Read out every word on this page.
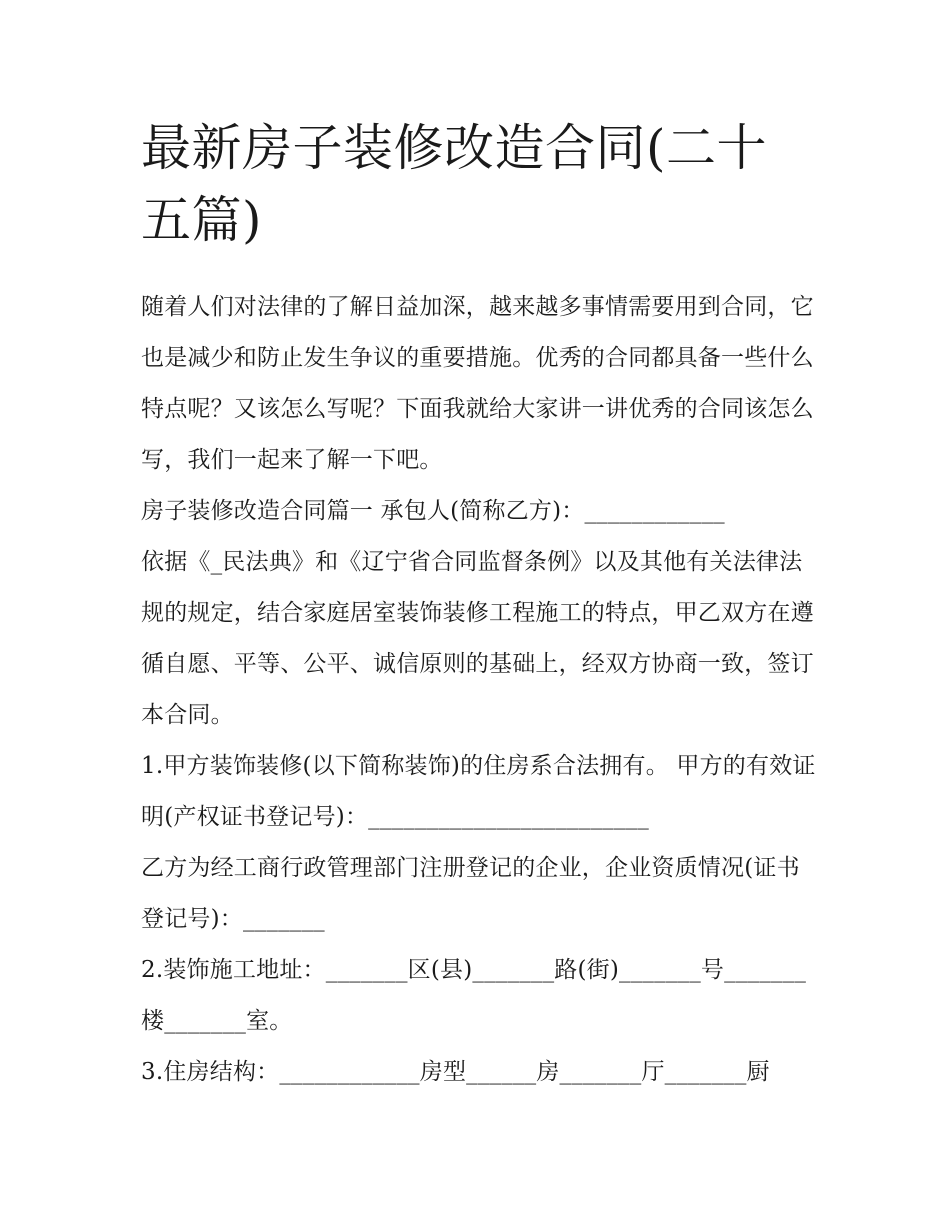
最新房子装修改造合同(二十五篇)

随着人们对法律的了解日益加深，越来越多事情需要用到合同，它也是减少和防止发生争议的重要措施。优秀的合同都具备一些什么特点呢？又该怎么写呢？下面我就给大家讲一讲优秀的合同该怎么写，我们一起来了解一下吧。

房子装修改造合同篇一 承包人(简称乙方)：____________

依据《_民法典》和《辽宁省合同监督条例》以及其他有关法律法规的规定，结合家庭居室装饰装修工程施工的特点，甲乙双方在遵循自愿、平等、公平、诚信原则的基础上，经双方协商一致，签订本合同。

1.甲方装饰装修(以下简称装饰)的住房系合法拥有。 甲方的有效证明(产权证书登记号)：________________________

乙方为经工商行政管理部门注册登记的企业，企业资质情况(证书登记号)：_______

2.装饰施工地址：_______区(县)_______路(街)_______号_______楼_______室。

3.住房结构：____________房型______房_______厅_______厨
